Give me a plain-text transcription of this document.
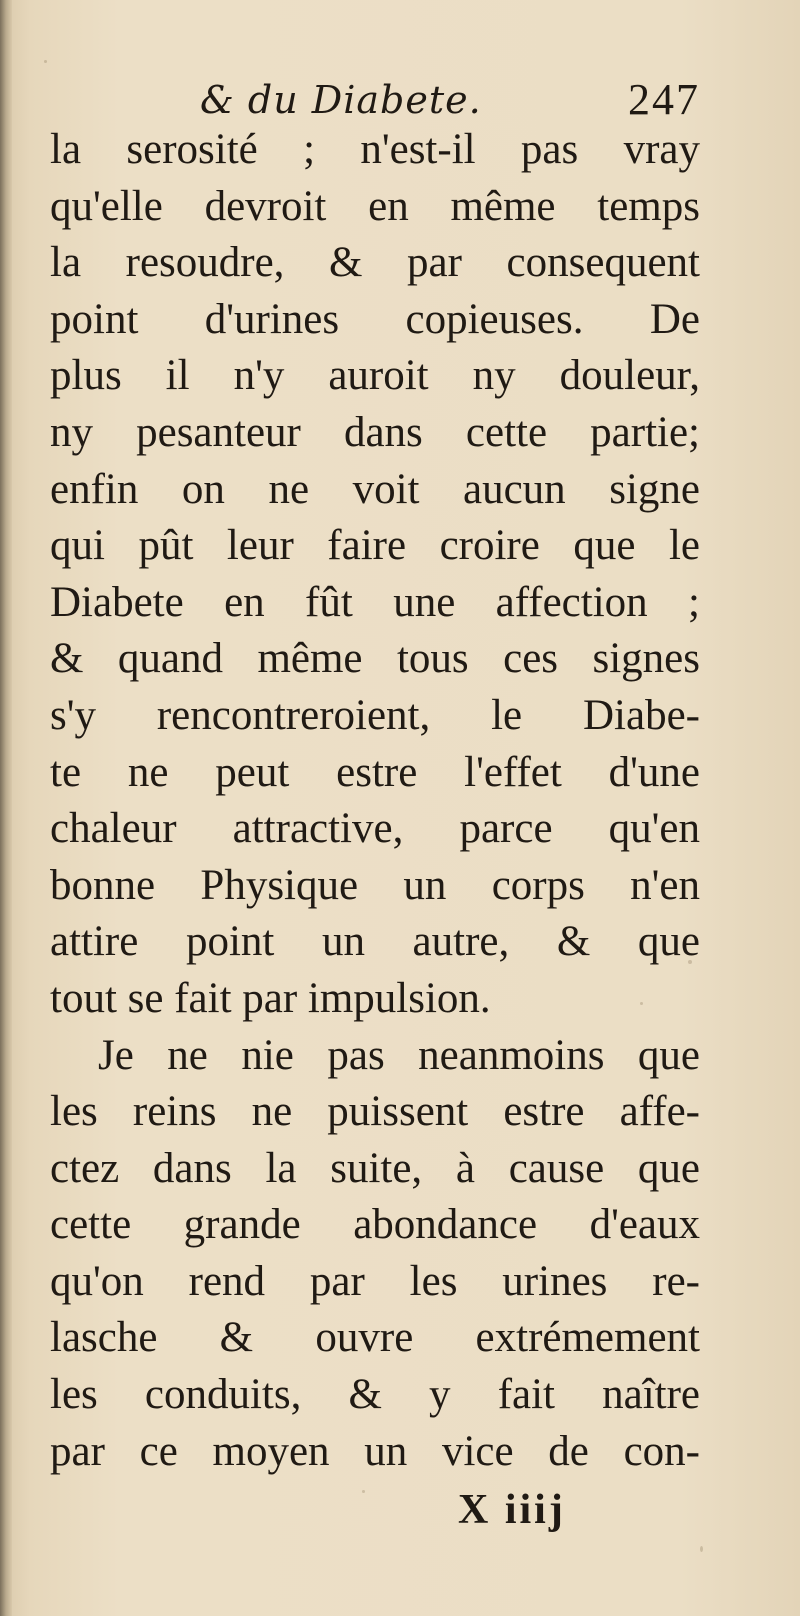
& du Diabete.	247
la serosité ; n'est-il pas vray
qu'elle devroit en même temps
la resoudre, & par consequent
point d'urines copieuses. De
plus il n'y auroit ny douleur,
ny pesanteur dans cette partie;
enfin on ne voit aucun signe
qui pût leur faire croire que le
Diabete en fût une affection ;
& quand même tous ces signes
s'y rencontreroient, le Diabe-
te ne peut estre l'effet d'une
chaleur attractive, parce qu'en
bonne Physique un corps n'en
attire point un autre, & que
tout se fait par impulsion.
Je ne nie pas neanmoins que
les reins ne puissent estre affe-
ctez dans la suite, à cause que
cette grande abondance d'eaux
qu'on rend par les urines re-
lasche & ouvre extrémement
les conduits, & y fait naître
par ce moyen un vice de con-
X iiij
